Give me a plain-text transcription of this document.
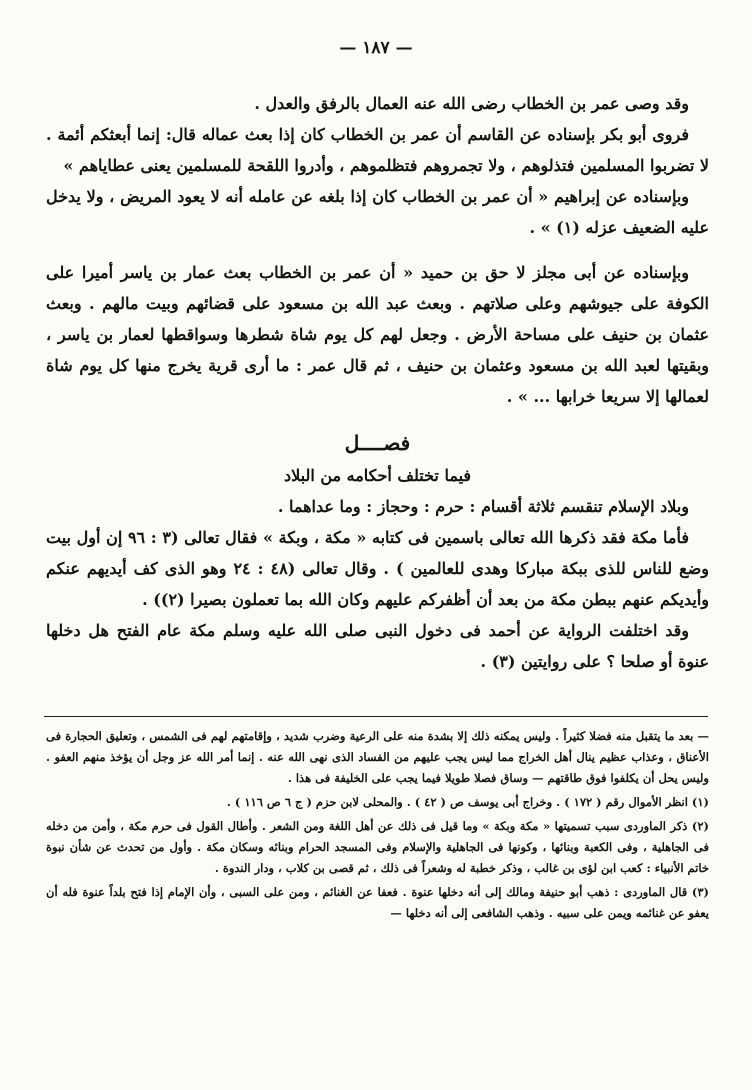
— ١٨٧ —

وقد وصى عمر بن الخطاب رضى الله عنه العمال بالرفق والعدل .

فروى أبو بكر بإسناده عن القاسم أن عمر بن الخطاب كان إذا بعث عماله قال: إنما أبعثكم أئمة . لا تضربوا المسلمين فتذلوهم ، ولا تجمروهم فتظلموهم ، وأدروا اللقحة للمسلمين يعنى عطاياهم »

وبإسناده عن إبراهيم « أن عمر بن الخطاب كان إذا بلغه عن عامله أنه لا يعود المريض ، ولا يدخل عليه الضعيف عزله (١) » .

وبإسناده عن أبى مجلز لا حق بن حميد « أن عمر بن الخطاب بعث عمار بن ياسر أميرا على الكوفة على جيوشهم وعلى صلاتهم . وبعث عبد الله بن مسعود على قضائهم وبيت مالهم . وبعث عثمان بن حنيف على مساحة الأرض . وجعل لهم كل يوم شاة شطرها وسواقطها لعمار بن ياسر ، وبقيتها لعبد الله بن مسعود وعثمان بن حنيف ، ثم قال عمر : ما أرى قرية يخرج منها كل يوم شاة لعمالها إلا سريعا خرابها ... » .

فصــــل

فيما تختلف أحكامه من البلاد

وبلاد الإسلام تنقسم ثلاثة أقسام : حرم : وحجاز : وما عداهما .

فأما مكة فقد ذكرها الله تعالى باسمين فى كتابه « مكة ، وبكة » فقال تعالى (٣ : ٩٦ إن أول بيت وضع للناس للذى ببكة مباركا وهدى للعالمين ) . وقال تعالى (٤٨ : ٢٤ وهو الذى كف أيديهم عنكم وأيديكم عنهم ببطن مكة من بعد أن أظفركم عليهم وكان الله بما تعملون بصيرا (٢)) .

وقد اختلفت الرواية عن أحمد فى دخول النبى صلى الله عليه وسلم مكة عام الفتح هل دخلها عنوة أو صلحا ؟ على روايتين (٣) .

— بعد ما يتقبل منه فضلا كثيراً . وليس يمكنه ذلك إلا بشدة منه على الرعية وضرب شديد ، وإقامتهم لهم فى الشمس ، وتعليق الحجارة فى الأعناق ، وعذاب عظيم ينال أهل الخراج مما ليس يجب عليهم من الفساد الذى نهى الله عنه . إنما أمر الله عز وجل أن يؤخذ منهم العفو . وليس يحل أن يكلفوا فوق طاقتهم — وساق فصلا طويلا فيما يجب على الخليفة فى هذا .

(١) انظر الأموال رقم ( ١٧٢ ) . وخراج أبى يوسف ص ( ٤٢ ) . والمحلى لابن حزم ( ج ٦ ص ١١٦ ) .

(٢) ذكر الماوردى سبب تسميتها « مكة وبكة » وما قيل فى ذلك عن أهل اللغة ومن الشعر . وأطال القول فى حرم مكة ، وأمن من دخله فى الجاهلية ، وفى الكعبة وبنائها ، وكونها فى الجاهلية والإسلام وفى المسجد الحرام وبنائه وسكان مكة . وأول من تحدث عن شأن نبوة خاتم الأنبياء : كعب ابن لؤى بن غالب ، وذكر خطبة له وشعراً فى ذلك ، ثم قصى بن كلاب ، ودار الندوة .

(٣) قال الماوردى : ذهب أبو حنيفة ومالك إلى أنه دخلها عنوة . فعفا عن الغنائم ، ومن على السبى ، وأن الإمام إذا فتح بلداً عنوة فله أن يعفو عن غنائمه ويمن على سبيه . وذهب الشافعى إلى أنه دخلها —
